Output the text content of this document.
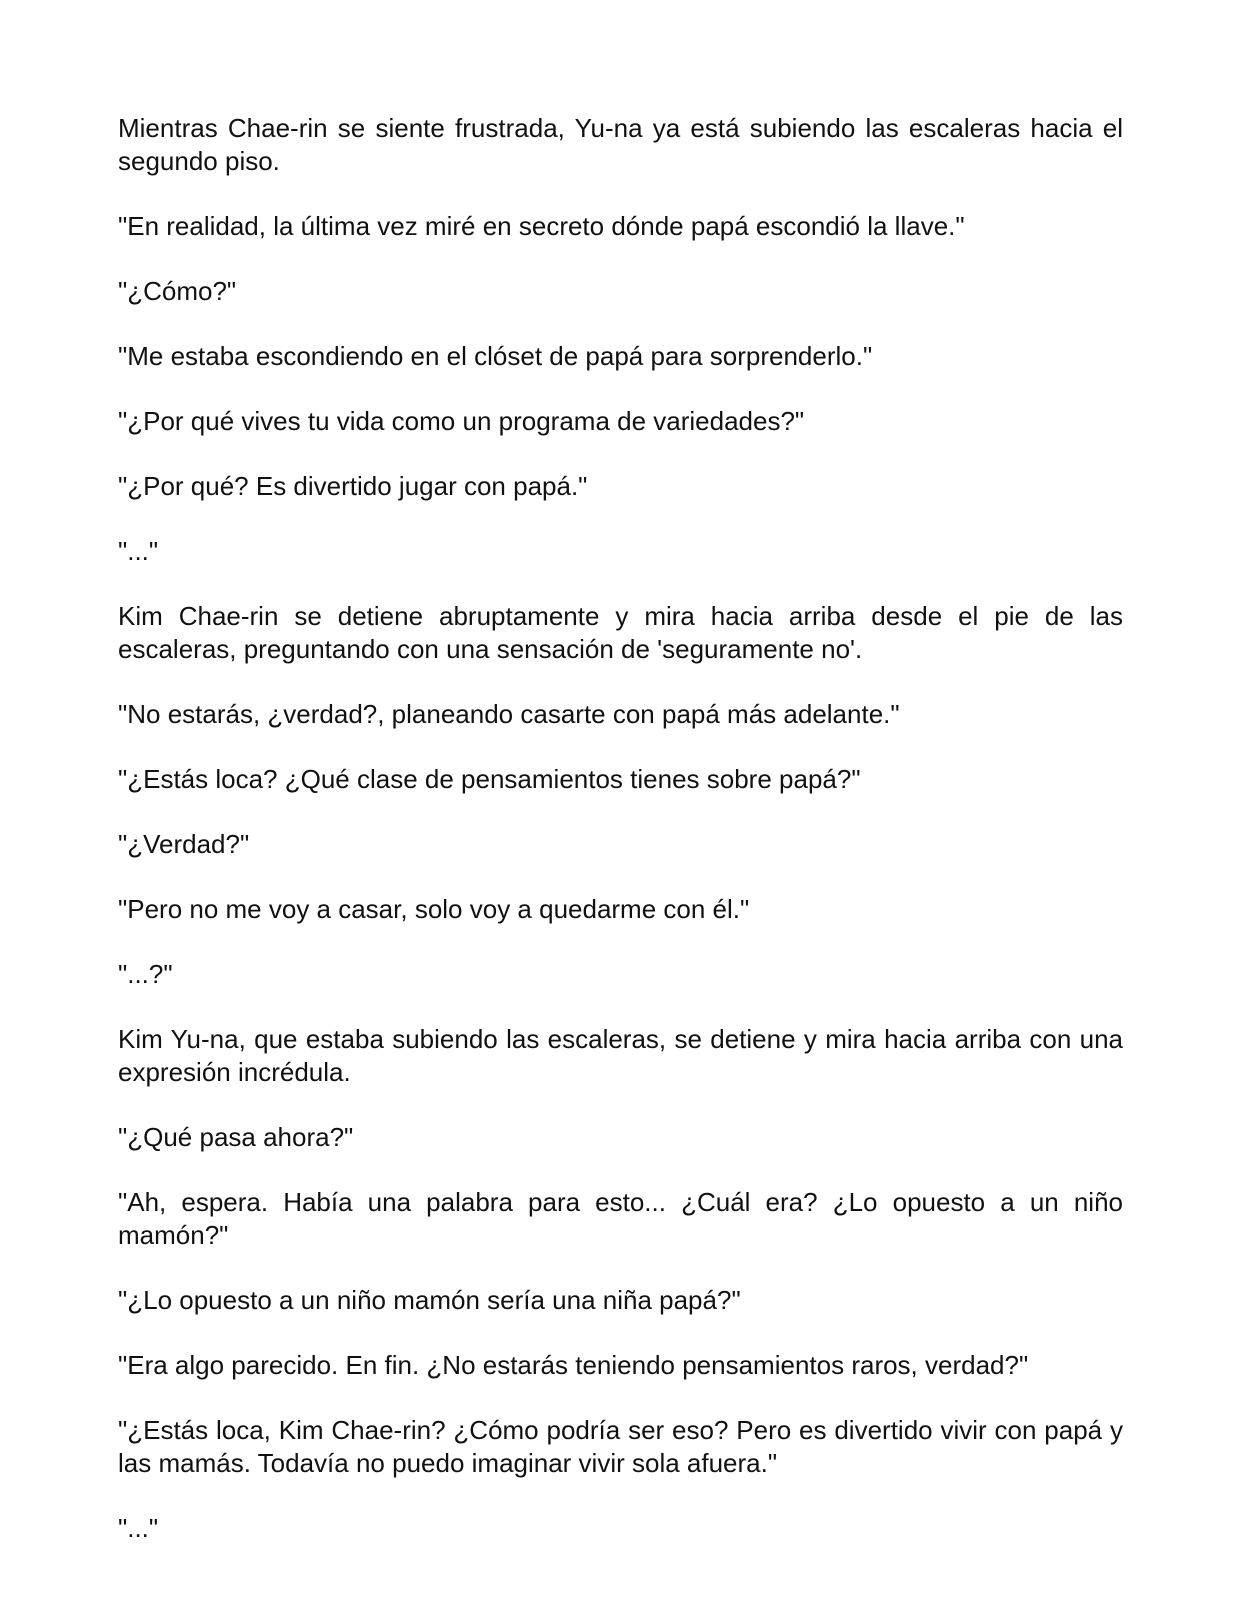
Mientras Chae-rin se siente frustrada, Yu-na ya está subiendo las escaleras hacia el segundo piso.

"En realidad, la última vez miré en secreto dónde papá escondió la llave."

"¿Cómo?"

"Me estaba escondiendo en el clóset de papá para sorprenderlo."

"¿Por qué vives tu vida como un programa de variedades?"

"¿Por qué? Es divertido jugar con papá."

"..."

Kim Chae-rin se detiene abruptamente y mira hacia arriba desde el pie de las escaleras, preguntando con una sensación de 'seguramente no'.

"No estarás, ¿verdad?, planeando casarte con papá más adelante."

"¿Estás loca? ¿Qué clase de pensamientos tienes sobre papá?"

"¿Verdad?"

"Pero no me voy a casar, solo voy a quedarme con él."

"...?"

Kim Yu-na, que estaba subiendo las escaleras, se detiene y mira hacia arriba con una expresión incrédula.

"¿Qué pasa ahora?"

"Ah, espera. Había una palabra para esto... ¿Cuál era? ¿Lo opuesto a un niño mamón?"

"¿Lo opuesto a un niño mamón sería una niña papá?"

"Era algo parecido. En fin. ¿No estarás teniendo pensamientos raros, verdad?"

"¿Estás loca, Kim Chae-rin? ¿Cómo podría ser eso? Pero es divertido vivir con papá y las mamás. Todavía no puedo imaginar vivir sola afuera."

"..."
